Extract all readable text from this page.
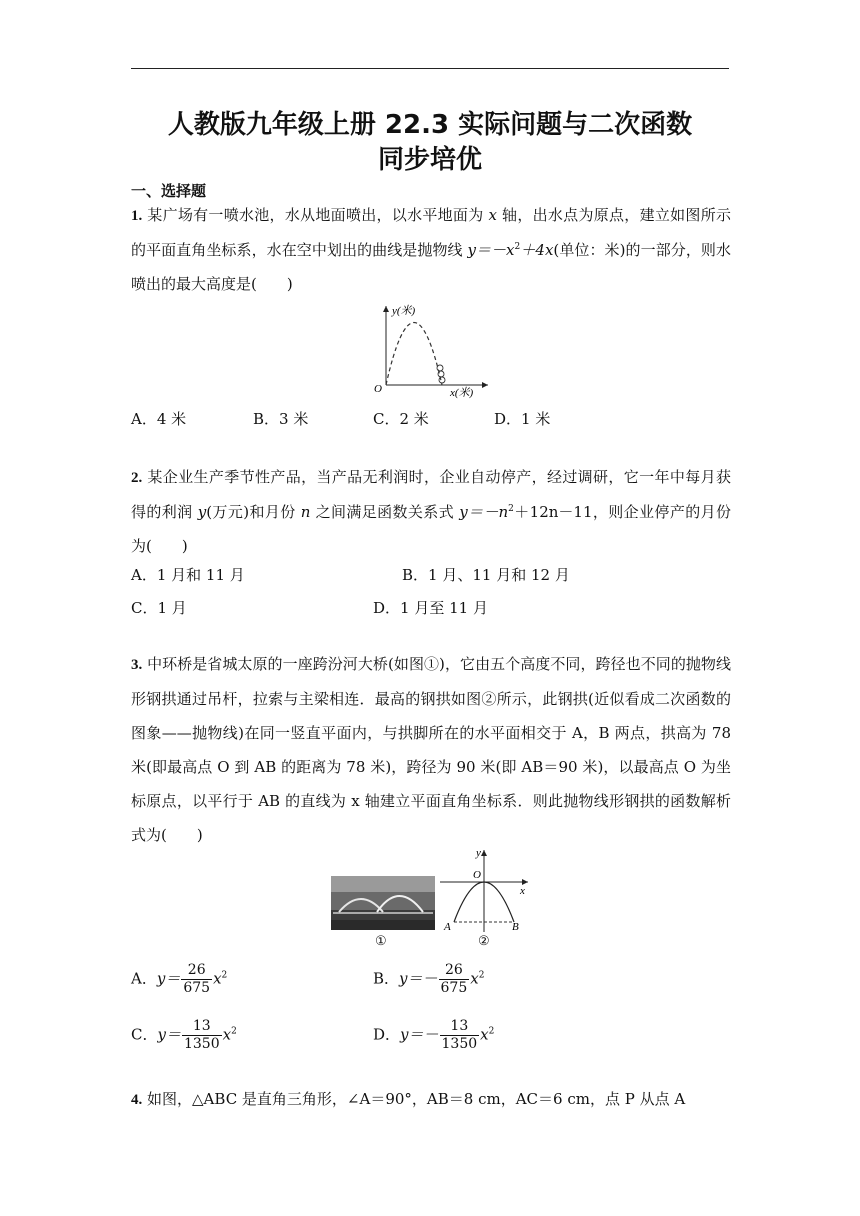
人教版九年级上册 22.3 实际问题与二次函数
同步培优
一、选择题
1. 某广场有一喷水池，水从地面喷出，以水平地面为 x 轴，出水点为原点，建立如图所示的平面直角坐标系，水在空中划出的曲线是抛物线 $y=-x^2+4x$(单位：米)的一部分，则水喷出的最大高度是(　　)
y(米)
x(米)
O
A．4 米	B．3 米	C．2 米	D．1 米
2. 某企业生产季节性产品，当产品无利润时，企业自动停产，经过调研，它一年中每月获得的利润 y(万元)和月份 n 之间满足函数关系式 $y=-n^2+12n-11$，则企业停产的月份为(　　)
A．1 月和 11 月	B．1 月、11 月和 12 月
C．1 月	D．1 月至 11 月
3. 中环桥是省城太原的一座跨汾河大桥(如图①)，它由五个高度不同，跨径也不同的抛物线形钢拱通过吊杆，拉索与主梁相连．最高的钢拱如图②所示，此钢拱(近似看成二次函数的图象——抛物线)在同一竖直平面内，与拱脚所在的水平面相交于 A，B 两点，拱高为 78 米(即最高点 O 到 AB 的距离为 78 米)，跨径为 90 米(即 AB＝90 米)，以最高点 O 为坐标原点，以平行于 AB 的直线为 x 轴建立平面直角坐标系．则此抛物线形钢拱的函数解析式为(　　)
①
y
x
O
A	B
②
A．$y= \frac{26}{675} x^2$	B．$y=- \frac{26}{675} x^2$
C．$y= \frac{13}{1350} x^2$	D．$y=- \frac{13}{1350} x^2$
4. 如图，△ABC 是直角三角形，∠A＝90°，AB＝8 cm，AC＝6 cm，点 P 从点 A
